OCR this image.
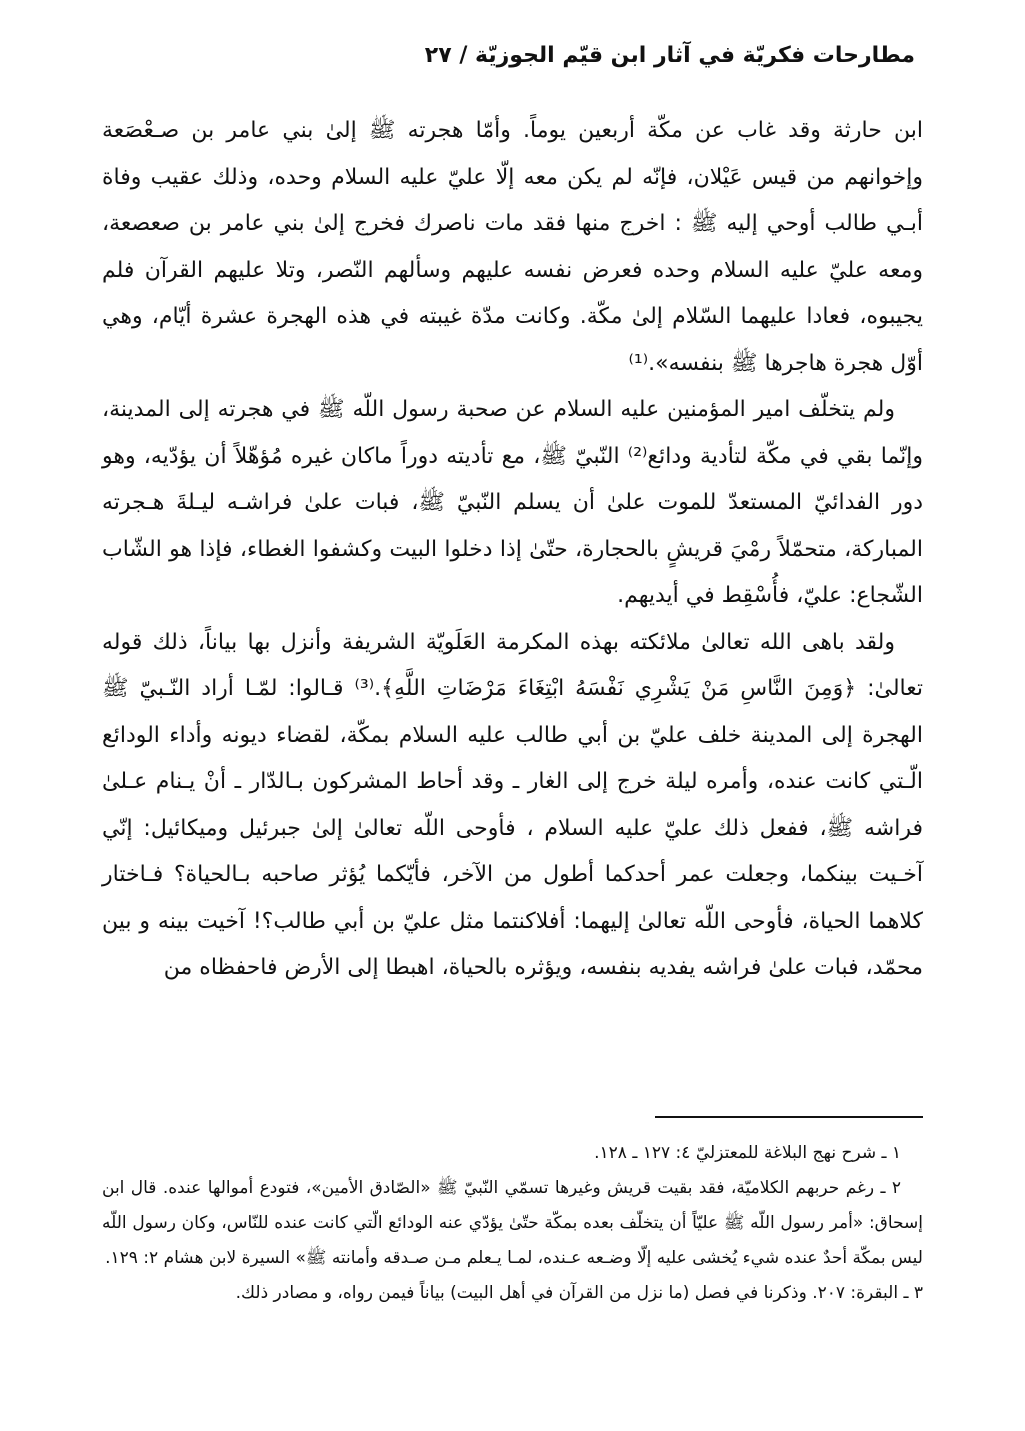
مطارحات فكريّة في آثار ابن قيّم الجوزيّة / ٢٧

ابن حارثة وقد غاب عن مكّة أربعين يوماً. وأمّا هجرته ﷺ إلىٰ بني عامر بن صـعْصَعة وإخوانهم من قيس عَيْلان، فإنّه لم يكن معه إلّا عليّ عليه السلام وحده، وذلك عقيب وفاة أبـي طالب أوحي إليه ﷺ : اخرج منها فقد مات ناصرك فخرج إلىٰ بني عامر بن صعصعة، ومعه عليّ عليه السلام وحده فعرض نفسه عليهم وسألهم النّصر، وتلا عليهم القرآن فلم يجيبوه، فعادا عليهما السّلام إلىٰ مكّة. وكانت مدّة غيبته في هذه الهجرة عشرة أيّام، وهي أوّل هجرة هاجرها ﷺ بنفسه».⁽¹⁾

ولم يتخلّف امير المؤمنين عليه السلام عن صحبة رسول اللّه ﷺ في هجرته إلى المدينة، وإنّما بقي في مكّة لتأدية ودائع⁽²⁾ النّبيّ ﷺ، مع تأديته دوراً ماكان غيره مُؤهّلاً أن يؤدّيه، وهو دور الفدائيّ المستعدّ للموت علىٰ أن يسلم النّبيّ ﷺ، فبات علىٰ فراشـه ليـلةَ هـجرته المباركة، متحمّلاً رمْيَ قريشٍ بالحجارة، حتّىٰ إذا دخلوا البيت وكشفوا الغطاء، فإذا هو الشّاب الشّجاع: عليّ، فأُسْقِط في أيديهم.

ولقد باهى الله تعالىٰ ملائكته بهذه المكرمة العَلَويّة الشريفة وأنزل بها بياناً، ذلك قوله تعالىٰ: ﴿وَمِنَ النَّاسِ مَنْ يَشْرِي نَفْسَهُ ابْتِغَاءَ مَرْضَاتِ اللَّهِ﴾.⁽³⁾ قـالوا: لمّـا أراد النّـبيّ ﷺ الهجرة إلى المدينة خلف عليّ بن أبي طالب عليه السلام بمكّة، لقضاء ديونه وأداء الودائع الّـتي كانت عنده، وأمره ليلة خرج إلى الغار ـ وقد أحاط المشركون بـالدّار ـ أنْ يـنام عـلىٰ فراشه ﷺ، ففعل ذلك عليّ عليه السلام ، فأوحى اللّه تعالىٰ إلىٰ جبرئيل وميكائيل: إنّي آخـيت بينكما، وجعلت عمر أحدكما أطول من الآخر، فأيّكما يُؤثر صاحبه بـالحياة؟ فـاختار كلاهما الحياة، فأوحى اللّه تعالىٰ إليهما: أفلاكنتما مثل عليّ بن أبي طالب؟! آخيت بينه و بين محمّد، فبات علىٰ فراشه يفديه بنفسه، ويؤثره بالحياة، اهبطا إلى الأرض فاحفظاه من

١ ـ شرح نهج البلاغة للمعتزليّ ٤: ١٢٧ ـ ١٢٨.

٢ ـ رغم حربهم الكلاميّة، فقد بقيت قريش وغيرها تسمّي النّبيّ ﷺ «الصّادق الأمين»، فتودع أموالها عنده. قال ابن إسحاق: «أمر رسول اللّه ﷺ عليّاً أن يتخلّف بعده بمكّة حتّىٰ يؤدّي عنه الودائع الّتي كانت عنده للنّاس، وكان رسول اللّه ليس بمكّة أحدٌ عنده شيء يُخشى عليه إلّا وضـعه عـنده، لمـا يـعلم مـن صـدقه وأمانته ﷺ» السيرة لابن هشام ٢: ١٢٩.

٣ ـ البقرة: ٢٠٧. وذكرنا في فصل (ما نزل من القرآن في أهل البيت) بياناً فيمن رواه، و مصادر ذلك.
